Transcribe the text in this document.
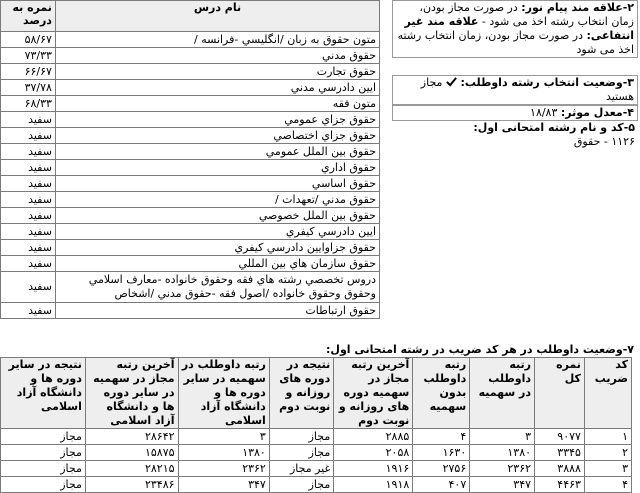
نام درس	نمره به
درصد

متون حقوق به زبان /انگليسي -فرانسه /	۵۸/۶۷
حقوق مدني	۷۳/۳۳
حقوق تجارت	۶۶/۶۷
ايين دادرسي مدني	۳۷/۷۸
متون فقه	۶۸/۳۳
حقوق جزاي عمومي	سفيد
حقوق جزاي اختصاصي	سفيد
حقوق بين الملل عمومي	سفيد
حقوق اداري	سفيد
حقوق اساسي	سفيد
حقوق مدني /تعهدات /	سفيد
حقوق بين الملل خصوصي	سفيد
ايين دادرسي كيفري	سفيد
حقوق جزاوايين دادرسي كيفري	سفيد
حقوق سازمان هاي بين المللي	سفيد
دروس تخصصي رشته هاي فقه وحقوق خانواده -معارف اسلامي وحقوق وحقوق خانواده /اصول فقه -حقوق مدني /اشخاص	سفيد
حقوق ارتباطات	سفيد
۲-علاقه مند پيام نور: در صورت مجاز بودن، زمان انتخاب رشته اخذ مى شود - علاقه مند غير انتفاعى: در صورت مجاز بودن، زمان انتخاب رشته اخذ مى شود
۳-وضعيت انتخاب رشته داوطلب:  مجاز هستيد
۴-معدل موثر: ۱۸/۸۳
۵-كد و نام رشته امتحانى اول:
۱۱۲۶ - حقوق
۷-وضعيت داوطلب در هر كد ضريب در رشته امتحانى اول:
كد ضريب	نمره كل	رتبه داوطلب در سهميه	رتبه داوطلب بدون سهميه	آخرين رتبه مجاز در سهميه دوره هاى روزانه و نوبت دوم	نتيجه در دوره هاى روزانه و نوبت دوم	رتبه داوطلب در سهميه در ساير دوره ها و دانشگاه آزاد اسلامى	آخرين رتبه مجاز در سهميه در ساير دوره ها و دانشگاه آزاد اسلامى	نتيجه در ساير دوره ها و دانشگاه آزاد اسلامى
۱	۹۰۷۷	۳	۴	۲۸۸۵	مجاز	۳	۲۸۶۴۲	مجاز
۲	۳۳۴۵	۱۳۸۰	۱۶۳۰	۲۰۵۸	مجاز	۱۳۸۰	۱۵۸۷۵	مجاز
۳	۳۸۸۸	۲۳۶۲	۲۷۵۶	۱۹۱۶	غير مجاز	۲۳۶۲	۲۸۲۱۵	مجاز
۴	۴۴۶۳	۳۴۷	۴۰۷	۱۹۱۸	مجاز	۳۴۷	۲۳۴۸۶	مجاز
